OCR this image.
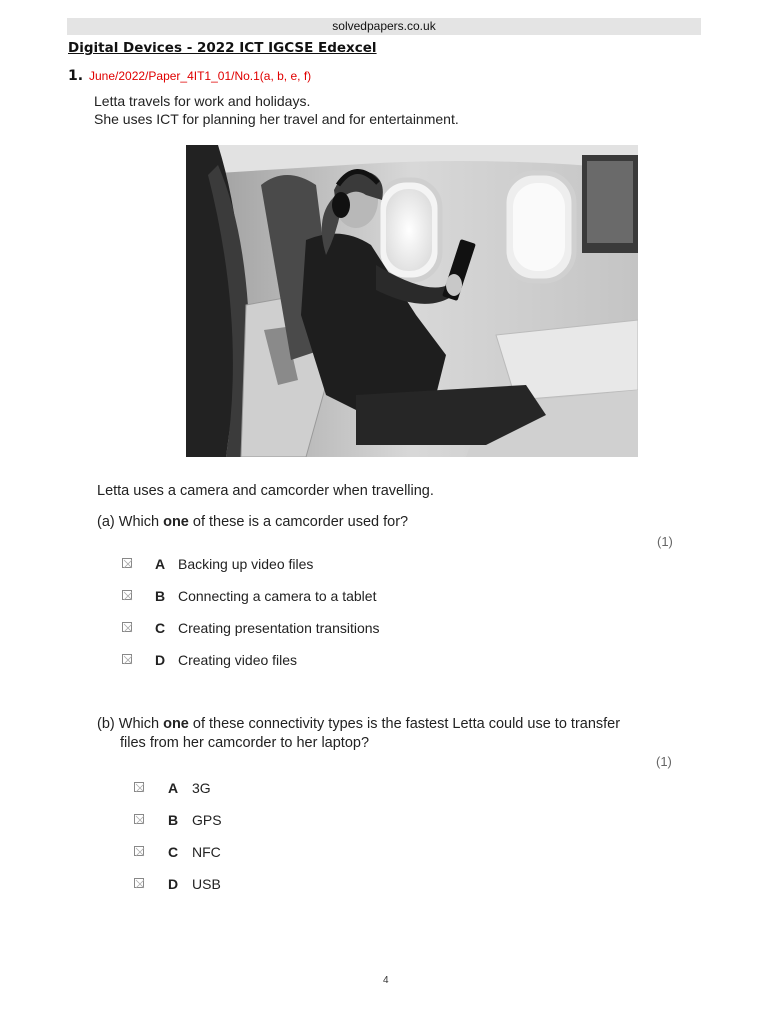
solvedpapers.co.uk
Digital Devices - 2022 ICT IGCSE Edexcel
1. June/2022/Paper_4IT1_01/No.1(a, b, e, f)
Letta travels for work and holidays.
She uses ICT for planning her travel and for entertainment.
Letta uses a camera and camcorder when travelling.
(a) Which one of these is a camcorder used for?
(1)
A Backing up video files
B Connecting a camera to a tablet
C Creating presentation transitions
D Creating video files
(b) Which one of these connectivity types is the fastest Letta could use to transfer
files from her camcorder to her laptop?
(1)
A 3G
B GPS
C NFC
D USB
4
